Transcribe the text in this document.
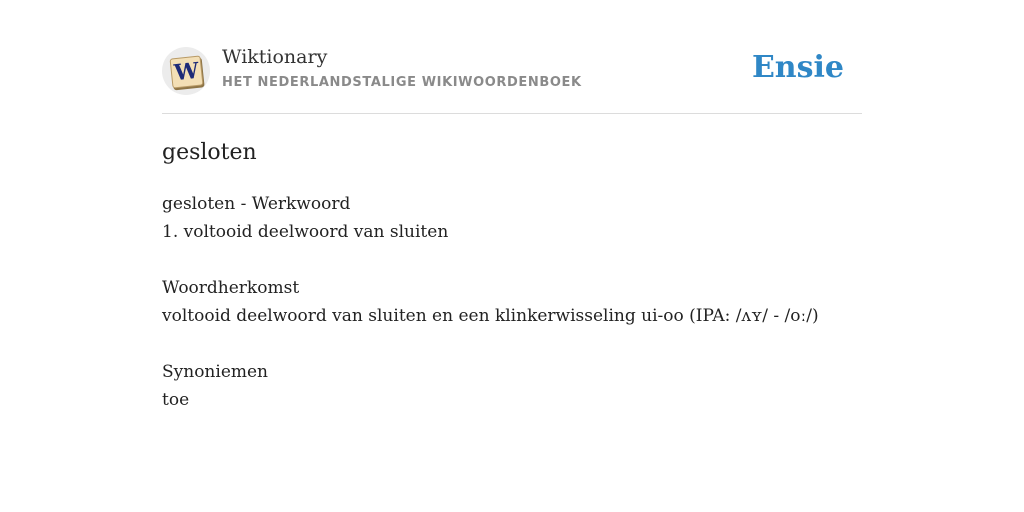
W
Wiktionary
HET NEDERLANDSTALIGE WIKIWOORDENBOEK	Ensie
gesloten
gesloten - Werkwoord
1. voltooid deelwoord van sluiten
Woordherkomst
voltooid deelwoord van sluiten en een klinkerwisseling ui-oo (IPA: /ʌʏ/ - /oː/)
Synoniemen
toe
